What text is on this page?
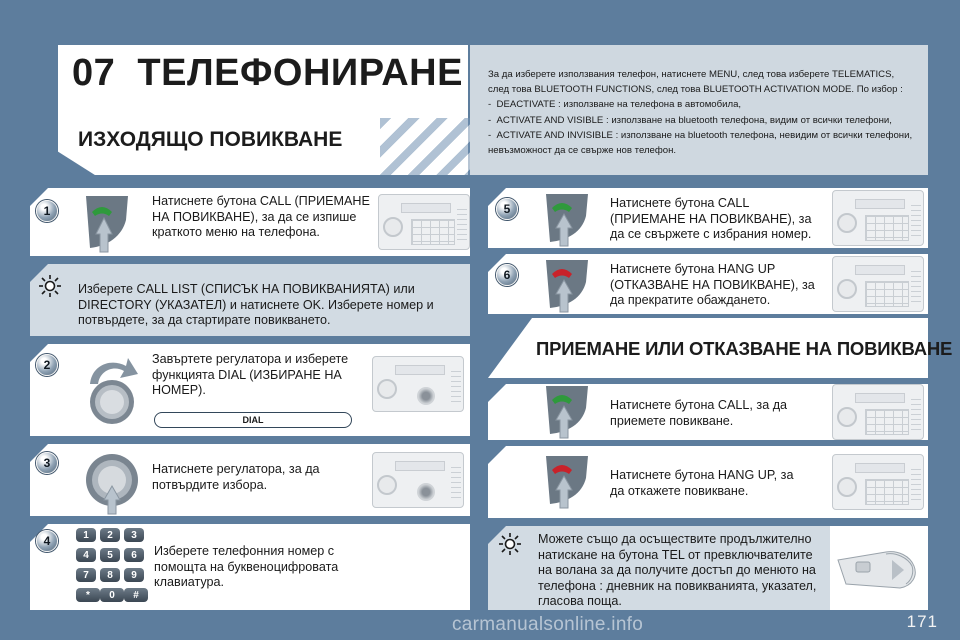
07 ТЕЛЕФОНИРАНЕ
ИЗХОДЯЩО ПОВИКВАНЕ
За да изберете използвания телефон, натиснете MENU, след това изберете TELEMATICS, след това BLUETOOTH FUNCTIONS, след това BLUETOOTH ACTIVATION MODE. По избор :
-  DEACTIVATE : използване на телефона в автомобила,
-  ACTIVATE AND VISIBLE : използване на bluetooth телефона, видим от всички телефони,
-  ACTIVATE AND INVISIBLE : използване на bluetooth телефона, невидим от всички телефони,
невъзможност да се свърже нов телефон.
1
Натиснете бутона CALL (ПРИЕМАНЕ НА ПОВИКВАНЕ), за да се изпише краткото меню на телефона.
Изберете CALL LIST (СПИСЪК НА ПОВИКВАНИЯТА) или DIRECTORY (УКАЗАТЕЛ) и натиснете OK. Изберете номер и потвърдете, за да стартирате повикването.
2	Завъртете регулатора и изберете функцията DIAL (ИЗБИРАНЕ НА НОМЕР).
DIAL
3	Натиснете регулатора, за да потвърдите избора.
4	1	2	3
4	5	6
7	8	9
*	0	#
Изберете телефонния номер с помощта на буквеноцифровата клавиатура.
5	Натиснете бутона CALL (ПРИЕМАНЕ НА ПОВИКВАНЕ), за да се свържете с избрания номер.
6	Натиснете бутона HANG UP (ОТКАЗВАНЕ НА ПОВИКВАНЕ), за да прекратите обаждането.
ПРИЕМАНЕ ИЛИ ОТКАЗВАНЕ НА ПОВИКВАНЕ
Натиснете бутона CALL, за да приемете повикване.
Натиснете бутона HANG UP, за да откажете повикване.
Можете също да осъществите продължително натискане на бутона TEL от превключвателите на волана за да получите достъп до менюто на телефона : дневник на повикванията, указател, гласова поща.
171
carmanualsonline.info
